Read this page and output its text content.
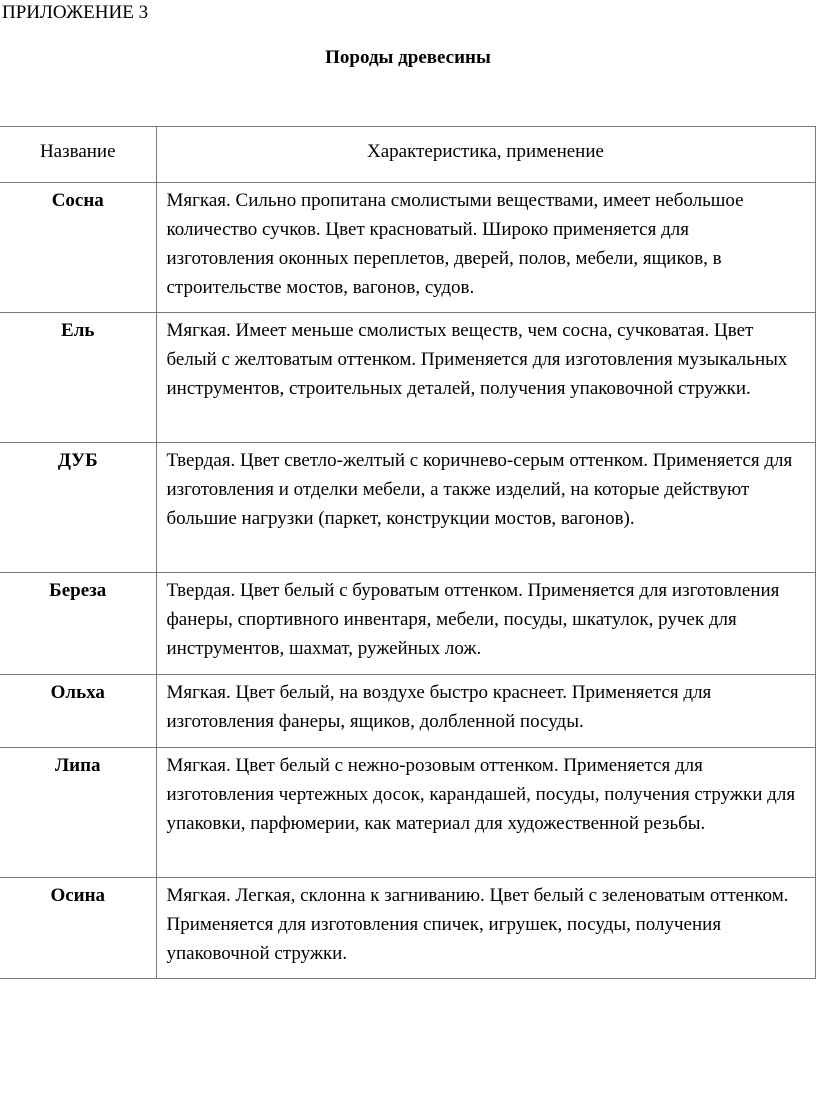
ПРИЛОЖЕНИЕ 3

Породы древесины
Название	Характеристика, применение

Сосна	Мягкая. Сильно пропитана смолистыми веществами, имеет небольшое количество сучков. Цвет красноватый. Широко применяется для изготовления оконных переплетов, дверей, полов, мебели, ящиков, в строительстве мостов, вагонов, судов.

Ель	Мягкая. Имеет меньше смолистых веществ, чем сосна, сучковатая. Цвет белый с желтоватым оттенком. Применяется для изготовления музыкальных инструментов, строительных деталей, получения упаковочной стружки.

ДУБ	Твердая. Цвет светло-желтый с коричнево-серым оттенком. Применяется для изготовления и отделки мебели, а также изделий, на которые действуют большие нагрузки (паркет, конструкции мостов, вагонов).

Береза	Твердая. Цвет белый с буроватым оттенком. Применяется для изготовления фанеры, спортивного инвентаря, мебели, посуды, шкатулок, ручек для инструментов, шахмат, ружейных лож.

Ольха	Мягкая. Цвет белый, на воздухе быстро краснеет. Применяется для изготовления фанеры, ящиков, долбленной посуды.

Липа	Мягкая. Цвет белый с нежно-розовым оттенком. Применяется для изготовления чертежных досок, карандашей, посуды, получения стружки для упаковки, парфюмерии, как материал для художественной резьбы.

Осина	Мягкая. Легкая, склонна к загниванию. Цвет белый с зеленоватым оттенком. Применяется для изготовления спичек, игрушек, посуды, получения упаковочной стружки.
